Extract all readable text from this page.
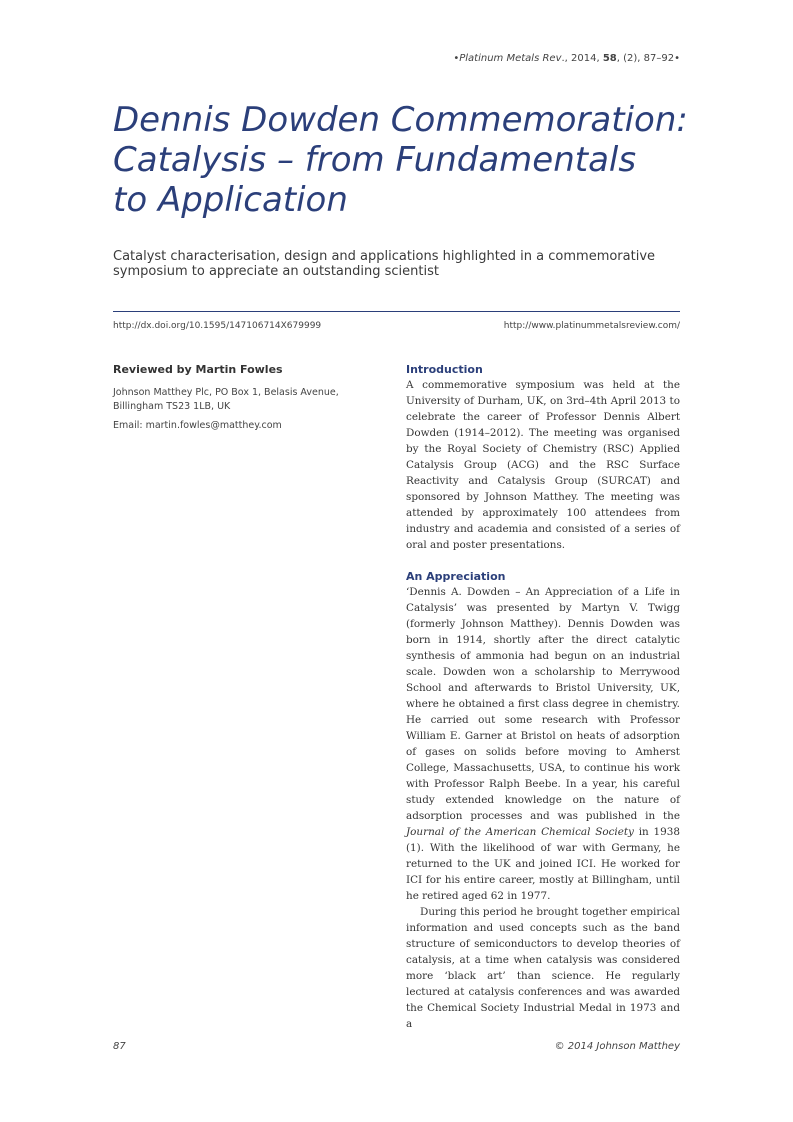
•Platinum Metals Rev., 2014, 58, (2), 87–92•
Dennis Dowden Commemoration:
Catalysis – from Fundamentals
to Application
Catalyst characterisation, design and applications highlighted in a commemorative
symposium to appreciate an outstanding scientist
http://dx.doi.org/10.1595/147106714X679999	http://www.platinummetalsreview.com/
Reviewed by Martin Fowles
Johnson Matthey Plc, PO Box 1, Belasis Avenue, Billingham TS23 1LB, UK
Email: martin.fowles@matthey.com
Introduction

A commemorative symposium was held at the University of Durham, UK, on 3rd–4th April 2013 to celebrate the career of Professor Dennis Albert Dowden (1914–2012). The meeting was organised by the Royal Society of Chemistry (RSC) Applied Catalysis Group (ACG) and the RSC Surface Reactivity and Catalysis Group (SURCAT) and sponsored by Johnson Matthey. The meeting was attended by approximately 100 attendees from industry and academia and consisted of a series of oral and poster presentations.

An Appreciation

‘Dennis A. Dowden – An Appreciation of a Life in Catalysis’ was presented by Martyn V. Twigg (formerly Johnson Matthey). Dennis Dowden was born in 1914, shortly after the direct catalytic synthesis of ammonia had begun on an industrial scale. Dowden won a scholarship to Merrywood School and afterwards to Bristol University, UK, where he obtained a first class degree in chemistry. He carried out some research with Professor William E. Garner at Bristol on heats of adsorption of gases on solids before moving to Amherst College, Massachusetts, USA, to continue his work with Professor Ralph Beebe. In a year, his careful study extended knowledge on the nature of adsorption processes and was published in the Journal of the American Chemical Society in 1938 (1). With the likelihood of war with Germany, he returned to the UK and joined ICI. He worked for ICI for his entire career, mostly at Billingham, until he retired aged 62 in 1977.

During this period he brought together empirical information and used concepts such as the band structure of semiconductors to develop theories of catalysis, at a time when catalysis was considered more ‘black art’ than science. He regularly lectured at catalysis conferences and was awarded the Chemical Society Industrial Medal in 1973 and a

87	© 2014 Johnson Matthey
